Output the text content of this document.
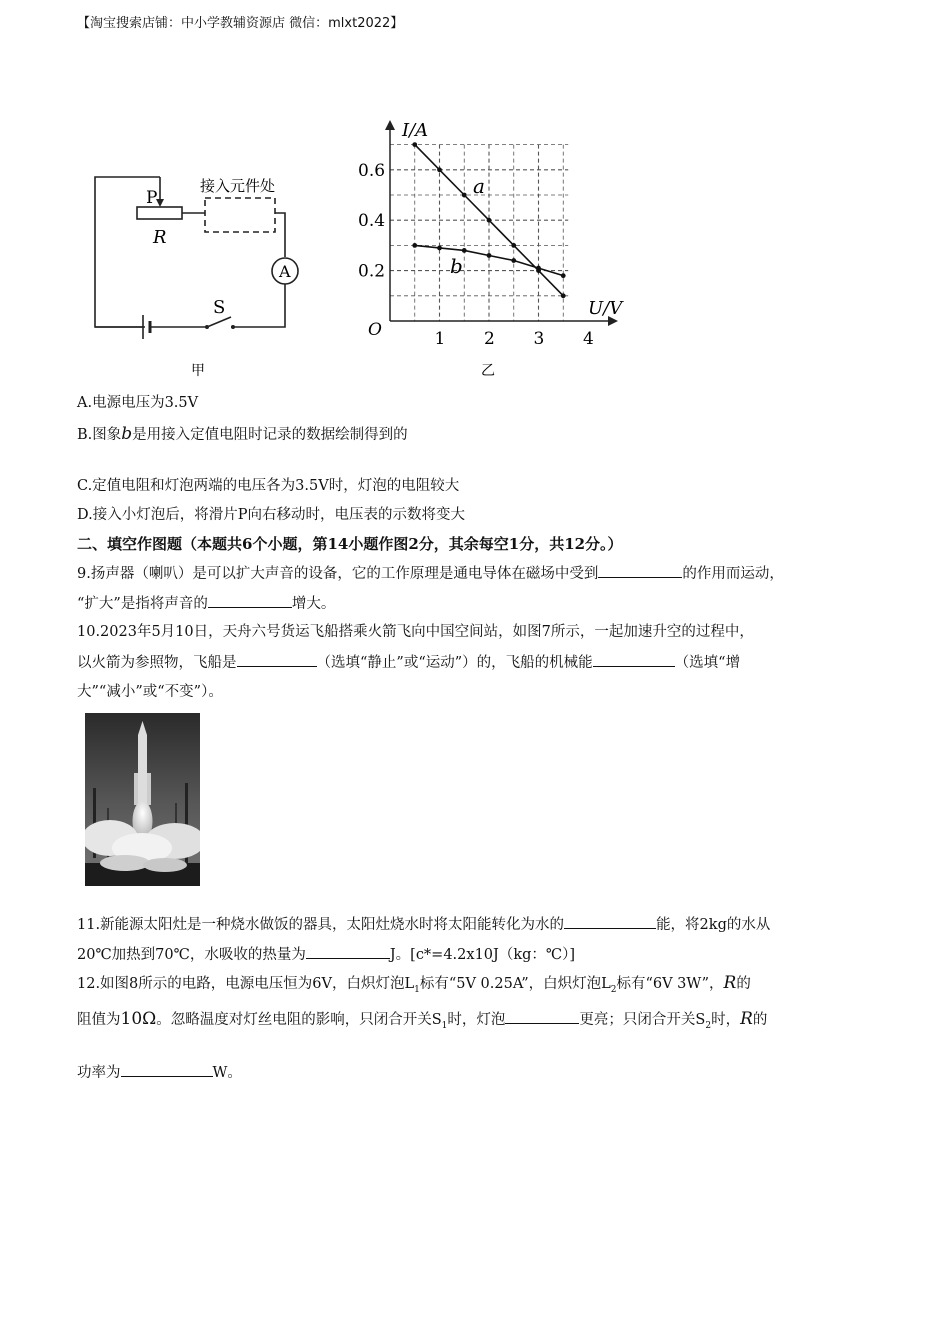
【淘宝搜索店铺：中小学教辅资源店 微信：mlxt2022】
P
R
接入元件处
A
S
甲
I/A
U/V
O
0.6
0.4
0.2
1 2 3 4
a
b
乙
A.电源电压为3.5V
B.图象b是用接入定值电阻时记录的数据绘制得到的
C.定值电阻和灯泡两端的电压各为3.5V时，灯泡的电阻较大
D.接入小灯泡后，将滑片P向右移动时，电压表的示数将变大
二、填空作图题（本题共6个小题，第14小题作图2分，其余每空1分，共12分。）
9.扬声器（喇叭）是可以扩大声音的设备，它的工作原理是通电导体在磁场中受到	的作用而运动，
“扩大”是指将声音的	增大。
10.2023年5月10日，天舟六号货运飞船搭乘火箭飞向中国空间站，如图7所示，一起加速升空的过程中，
以火箭为参照物，飞船是	（选填“静止”或“运动”）的，飞船的机械能	（选填“增
大”“减小”或“不变”）。
11.新能源太阳灶是一种烧水做饭的器具，太阳灶烧水时将太阳能转化为水的	能，将2kg的水从
20℃加热到70℃，水吸收的热量为	J。[c*=4.2x10J（kg：℃）]
12.如图8所示的电路，电源电压恒为6V，白炽灯泡$L_1$标有“5V 0.25A”，白炽灯泡$L_2$标有“6V 3W”，R的
阻值为10Ω。忽略温度对灯丝电阻的影响，只闭合开关$S_1$时，灯泡	更亮；只闭合开关$S_2$时，R的
功率为	W。
